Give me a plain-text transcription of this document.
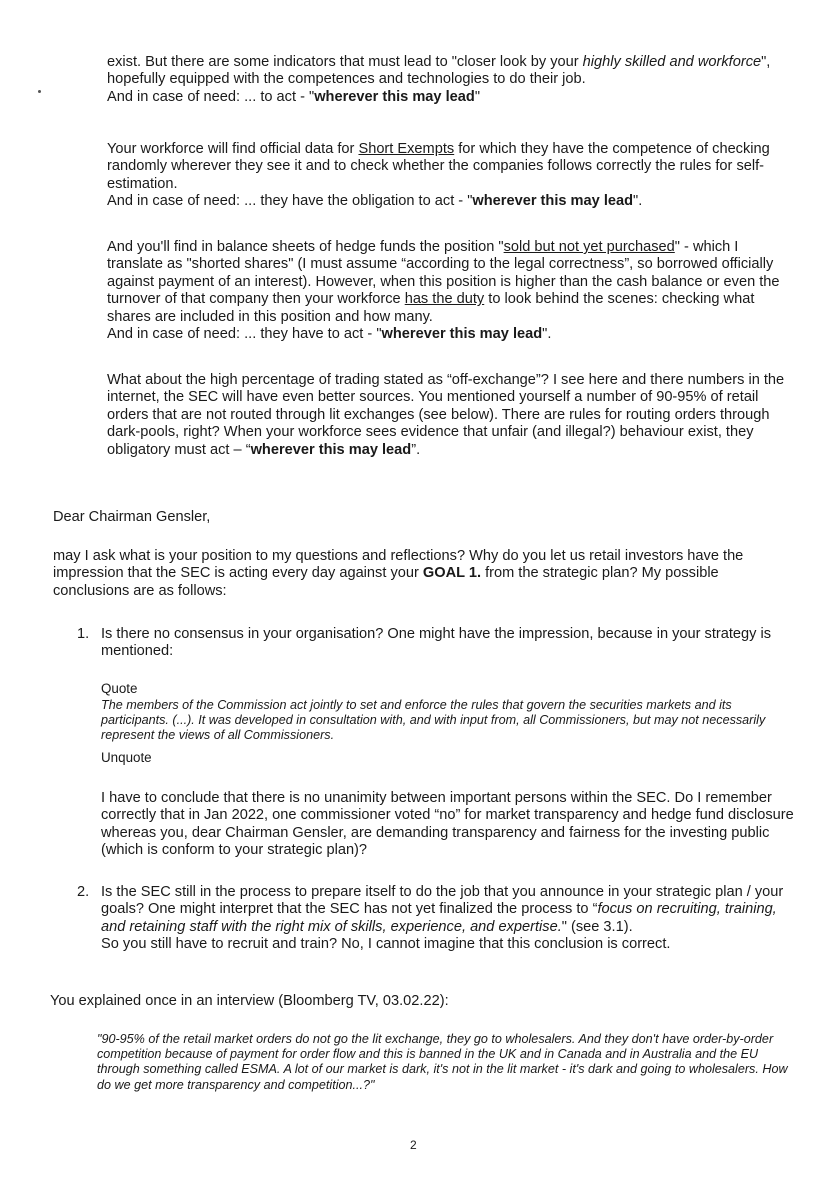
exist. But there are some indicators that must lead to "closer look by your highly skilled and workforce",
hopefully equipped with the competences and technologies to do their job.
And in case of need: ... to act - "wherever this may lead"

Your workforce will find official data for Short Exempts for which they have the competence of checking randomly wherever they see it and to check whether the companies follows correctly the rules for self-estimation.
And in case of need: ... they have the obligation to act - "wherever this may lead".

And you'll find in balance sheets of hedge funds the position "sold but not yet purchased" - which I translate as "shorted shares" (I must assume “according to the legal correctness”, so borrowed officially against payment of an interest). However, when this position is higher than the cash balance or even the turnover of that company then your workforce has the duty to look behind the scenes: checking what shares are included in this position and how many.
And in case of need: ... they have to act - "wherever this may lead".

What about the high percentage of trading stated as “off-exchange”? I see here and there numbers in the internet, the SEC will have even better sources. You mentioned yourself a number of 90-95% of retail orders that are not routed through lit exchanges (see below). There are rules for routing orders through dark-pools, right? When your workforce sees evidence that unfair (and illegal?) behaviour exist, they obligatory must act – “wherever this may lead”.

Dear Chairman Gensler,

may I ask what is your position to my questions and reflections? Why do you let us retail investors have the impression that the SEC is acting every day against your GOAL 1. from the strategic plan? My possible conclusions are as follows:

1. Is there no consensus in your organisation? One might have the impression, because in your strategy is mentioned:

Quote

The members of the Commission act jointly to set and enforce the rules that govern the securities markets and its participants. (...). It was developed in consultation with, and with input from, all Commissioners, but may not necessarily represent the views of all Commissioners.

Unquote

I have to conclude that there is no unanimity between important persons within the SEC. Do I remember correctly that in Jan 2022, one commissioner voted “no” for market transparency and hedge fund disclosure whereas you, dear Chairman Gensler, are demanding transparency and fairness for the investing public (which is conform to your strategic plan)?

2. Is the SEC still in the process to prepare itself to do the job that you announce in your strategic plan / your goals? One might interpret that the SEC has not yet finalized the process to “focus on recruiting, training, and retaining staff with the right mix of skills, experience, and expertise." (see 3.1).
So you still have to recruit and train? No, I cannot imagine that this conclusion is correct.

You explained once in an interview (Bloomberg TV, 03.02.22):

"90-95% of the retail market orders do not go the lit exchange, they go to wholesalers. And they don't have order-by-order competition because of payment for order flow and this is banned in the UK and in Canada and in Australia and the EU through something called ESMA. A lot of our market is dark, it's not in the lit market - it's dark and going to wholesalers. How do we get more transparency and competition...?"

2
